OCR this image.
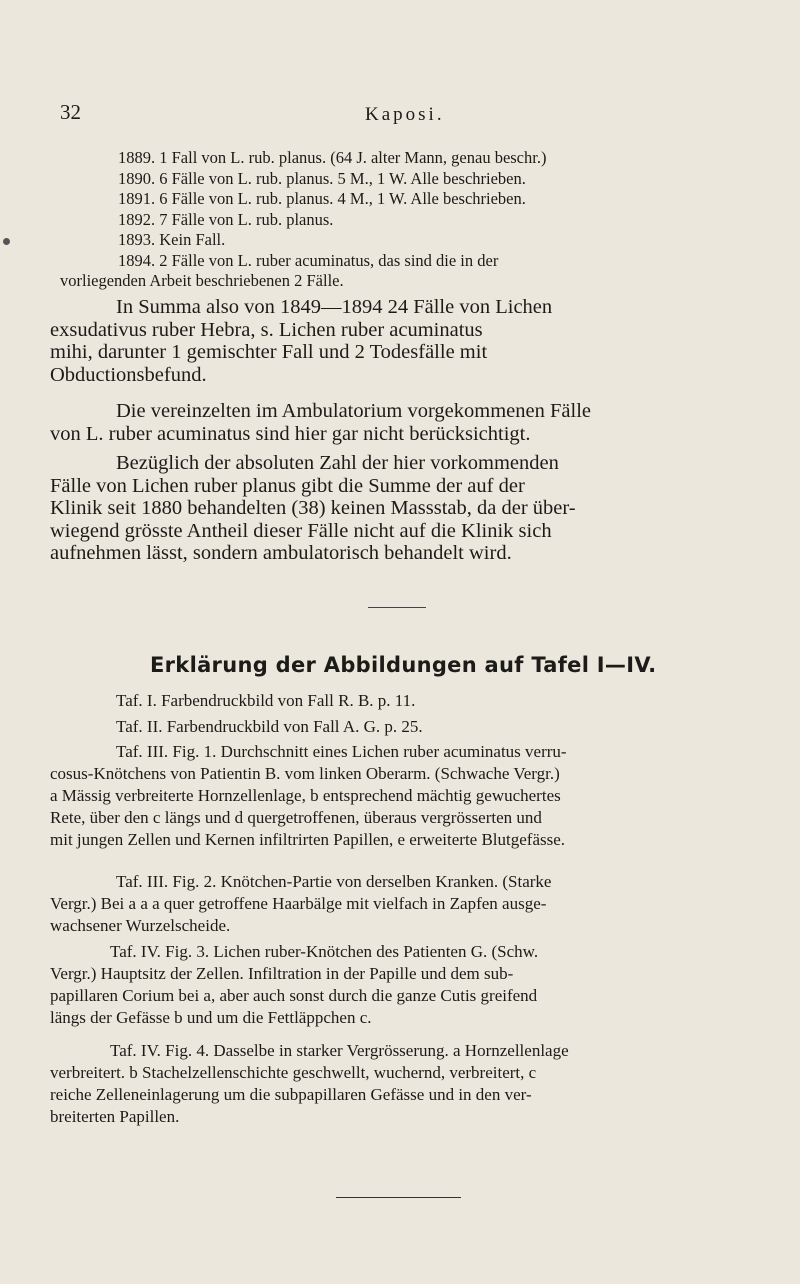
32	Kaposi.
1889. 1 Fall von L. rub. planus. (64 J. alter Mann, genau beschr.)
1890. 6 Fälle von L. rub. planus. 5 M., 1 W. Alle beschrieben.
1891. 6 Fälle von L. rub. planus. 4 M., 1 W. Alle beschrieben.
1892. 7 Fälle von L. rub. planus.
1893. Kein Fall.
1894. 2 Fälle von L. ruber acuminatus, das sind die in der
vorliegenden Arbeit beschriebenen 2 Fälle.
In Summa also von 1849—1894 24 Fälle von Lichen
exsudativus ruber Hebra, s. Lichen ruber acuminatus
mihi, darunter 1 gemischter Fall und 2 Todesfälle mit
Obductionsbefund.
Die vereinzelten im Ambulatorium vorgekommenen Fälle
von L. ruber acuminatus sind hier gar nicht berücksichtigt.
Bezüglich der absoluten Zahl der hier vorkommenden
Fälle von Lichen ruber planus gibt die Summe der auf der
Klinik seit 1880 behandelten (38) keinen Massstab, da der über-
wiegend grösste Antheil dieser Fälle nicht auf die Klinik sich
aufnehmen lässt, sondern ambulatorisch behandelt wird.
Erklärung der Abbildungen auf Tafel I—IV.
Taf. I. Farbendruckbild von Fall R. B. p. 11.
Taf. II. Farbendruckbild von Fall A. G. p. 25.
Taf. III. Fig. 1. Durchschnitt eines Lichen ruber acuminatus verru-
cosus-Knötchens von Patientin B. vom linken Oberarm. (Schwache Vergr.)
a Mässig verbreiterte Hornzellenlage, b entsprechend mächtig gewuchertes
Rete, über den c längs und d quergetroffenen, überaus vergrösserten und
mit jungen Zellen und Kernen infiltrirten Papillen, e erweiterte Blutgefässe.
Taf. III. Fig. 2. Knötchen-Partie von derselben Kranken. (Starke
Vergr.) Bei a a a quer getroffene Haarbälge mit vielfach in Zapfen ausge-
wachsener Wurzelscheide.
Taf. IV. Fig. 3. Lichen ruber-Knötchen des Patienten G. (Schw.
Vergr.) Hauptsitz der Zellen. Infiltration in der Papille und dem sub-
papillaren Corium bei a, aber auch sonst durch die ganze Cutis greifend
längs der Gefässe b und um die Fettläppchen c.
Taf. IV. Fig. 4. Dasselbe in starker Vergrösserung. a Hornzellenlage
verbreitert. b Stachelzellenschichte geschwellt, wuchernd, verbreitert, c
reiche Zelleneinlagerung um die subpapillaren Gefässe und in den ver-
breiterten Papillen.
